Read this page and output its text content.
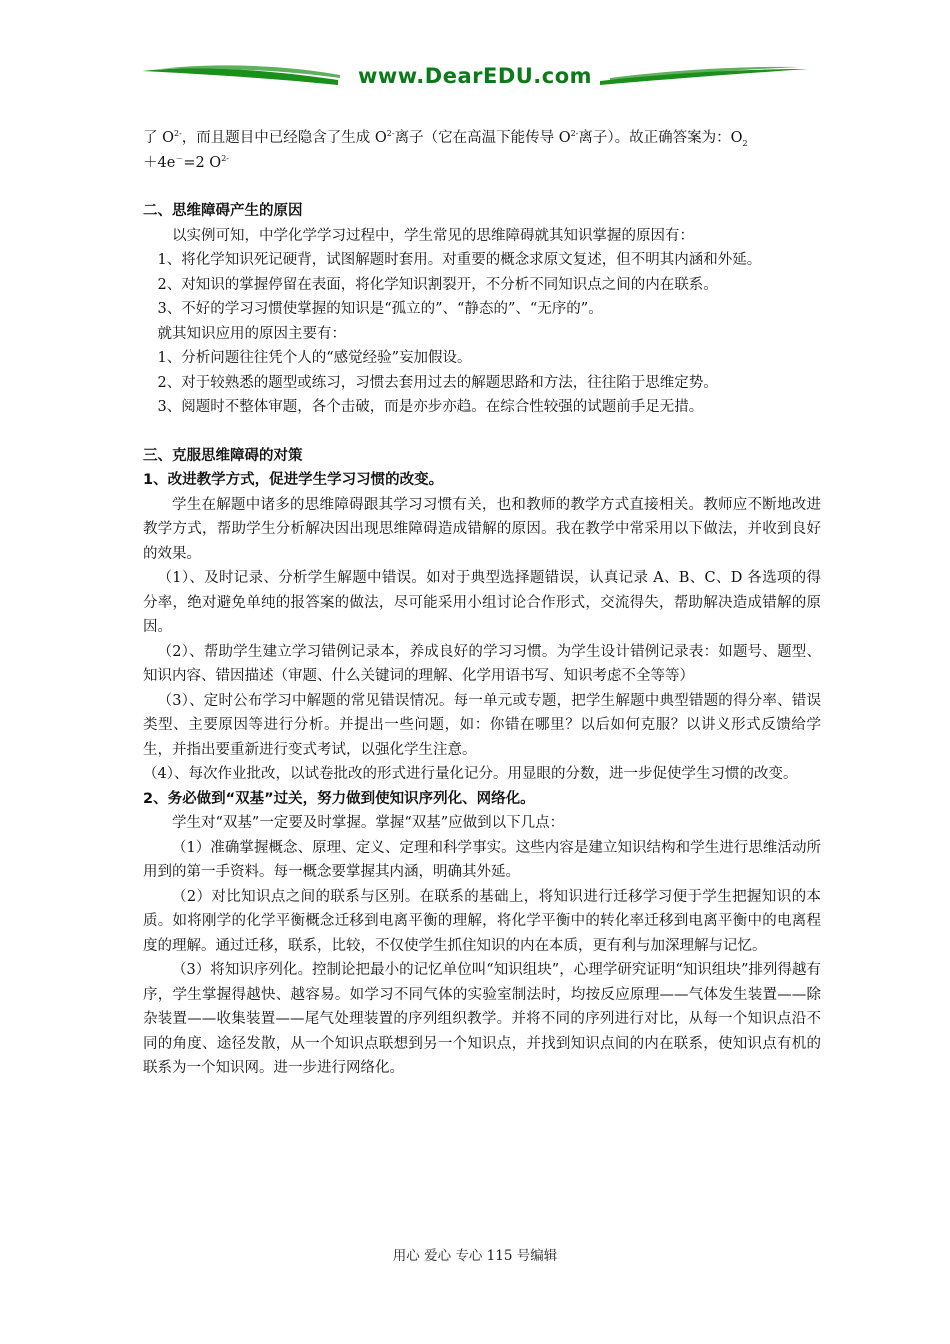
www.DearEDU.com

了 $O^{2-}$，而且题目中已经隐含了生成 $O^{2-}$离子（它在高温下能传导 $O^{2-}$离子）。故正确答案为：$O_2$

＋4e－=2 $O^{2-}$

二、思维障碍产生的原因

以实例可知，中学化学学习过程中，学生常见的思维障碍就其知识掌握的原因有：

1、将化学知识死记硬背，试图解题时套用。对重要的概念求原文复述，但不明其内涵和外延。

2、对知识的掌握停留在表面，将化学知识割裂开，不分析不同知识点之间的内在联系。

3、不好的学习习惯使掌握的知识是“孤立的”、“静态的”、“无序的”。

就其知识应用的原因主要有：

1、分析问题往往凭个人的“感觉经验”妄加假设。

2、对于较熟悉的题型或练习，习惯去套用过去的解题思路和方法，往往陷于思维定势。

3、阅题时不整体审题，各个击破，而是亦步亦趋。在综合性较强的试题前手足无措。

三、克服思维障碍的对策

1、改进教学方式，促进学生学习习惯的改变。

学生在解题中诸多的思维障碍跟其学习习惯有关，也和教师的教学方式直接相关。教师应不断地改进教学方式，帮助学生分析解决因出现思维障碍造成错解的原因。我在教学中常采用以下做法，并收到良好的效果。

（1）、及时记录、分析学生解题中错误。如对于典型选择题错误，认真记录 A、B、C、D 各选项的得分率，绝对避免单纯的报答案的做法，尽可能采用小组讨论合作形式，交流得失，帮助解决造成错解的原因。

（2）、帮助学生建立学习错例记录本，养成良好的学习习惯。为学生设计错例记录表：如题号、题型、知识内容、错因描述（审题、什么关键词的理解、化学用语书写、知识考虑不全等等）

（3）、定时公布学习中解题的常见错误情况。每一单元或专题，把学生解题中典型错题的得分率、错误类型、主要原因等进行分析。并提出一些问题，如：你错在哪里？以后如何克服？以讲义形式反馈给学生，并指出要重新进行变式考试，以强化学生注意。

（4）、每次作业批改，以试卷批改的形式进行量化记分。用显眼的分数，进一步促使学生习惯的改变。

2、务必做到“双基”过关，努力做到使知识序列化、网络化。

学生对“双基”一定要及时掌握。掌握“双基”应做到以下几点：

（1）准确掌握概念、原理、定义、定理和科学事实。这些内容是建立知识结构和学生进行思维活动所用到的第一手资料。每一概念要掌握其内涵，明确其外延。

（2）对比知识点之间的联系与区别。在联系的基础上，将知识进行迁移学习便于学生把握知识的本质。如将刚学的化学平衡概念迁移到电离平衡的理解，将化学平衡中的转化率迁移到电离平衡中的电离程度的理解。通过迁移，联系，比较，不仅使学生抓住知识的内在本质，更有利与加深理解与记忆。

（3）将知识序列化。控制论把最小的记忆单位叫“知识组块”，心理学研究证明“知识组块”排列得越有序，学生掌握得越快、越容易。如学习不同气体的实验室制法时，均按反应原理——气体发生装置——除杂装置——收集装置——尾气处理装置的序列组织教学。并将不同的序列进行对比，从每一个知识点沿不同的角度、途径发散，从一个知识点联想到另一个知识点，并找到知识点间的内在联系，使知识点有机的联系为一个知识网。进一步进行网络化。

用心 爱心 专心 115 号编辑
